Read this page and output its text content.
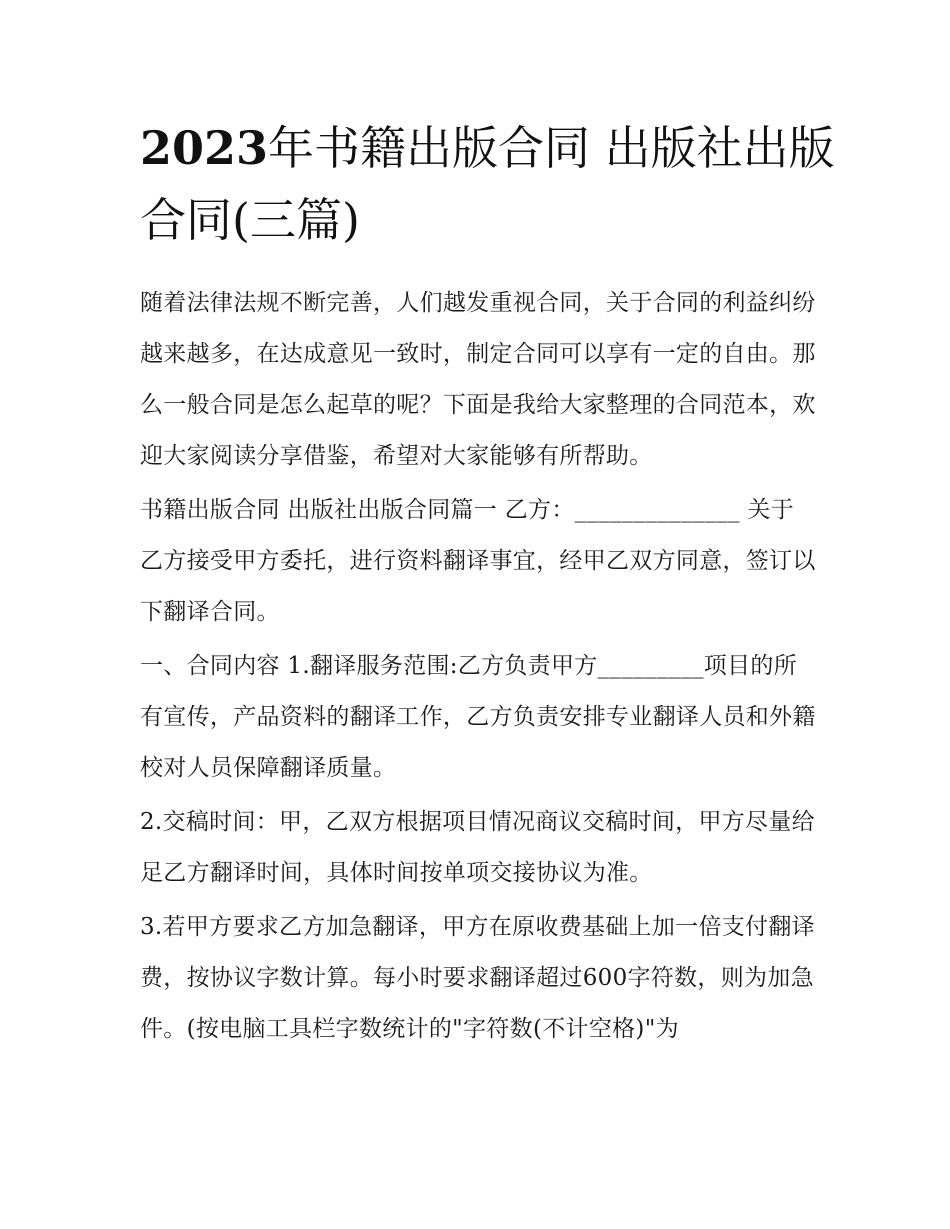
2023年书籍出版合同 出版社出版合同(三篇)

随着法律法规不断完善，人们越发重视合同，关于合同的利益纠纷越来越多，在达成意见一致时，制定合同可以享有一定的自由。那么一般合同是怎么起草的呢？下面是我给大家整理的合同范本，欢迎大家阅读分享借鉴，希望对大家能够有所帮助。

书籍出版合同 出版社出版合同篇一 乙方：______________ 关于乙方接受甲方委托，进行资料翻译事宜，经甲乙双方同意，签订以下翻译合同。

一、合同内容 1.翻译服务范围:乙方负责甲方_________项目的所有宣传，产品资料的翻译工作，乙方负责安排专业翻译人员和外籍校对人员保障翻译质量。

2.交稿时间：甲，乙双方根据项目情况商议交稿时间，甲方尽量给足乙方翻译时间，具体时间按单项交接协议为准。

3.若甲方要求乙方加急翻译，甲方在原收费基础上加一倍支付翻译费，按协议字数计算。每小时要求翻译超过600字符数，则为加急件。(按电脑工具栏字数统计的"字符数(不计空格)"为
